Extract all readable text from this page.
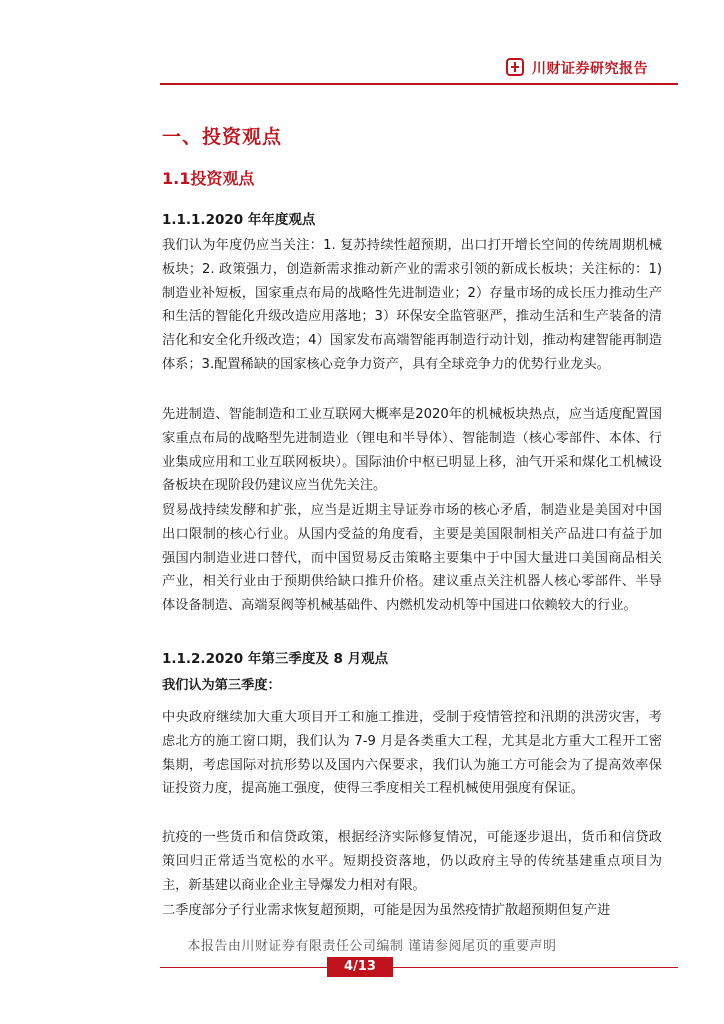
川财证券研究报告
一、投资观点
1.1投资观点
1.1.1.2020 年年度观点

我们认为年度仍应当关注：1. 复苏持续性超预期，出口打开增长空间的传统周期机械板块；2. 政策强力，创造新需求推动新产业的需求引领的新成长板块；关注标的：1)制造业补短板，国家重点布局的战略性先进制造业；2）存量市场的成长压力推动生产和生活的智能化升级改造应用落地；3）环保安全监管驱严，推动生活和生产装备的清洁化和安全化升级改造；4）国家发布高端智能再制造行动计划，推动构建智能再制造体系；3.配置稀缺的国家核心竞争力资产，具有全球竞争力的优势行业龙头。

先进制造、智能制造和工业互联网大概率是2020年的机械板块热点，应当适度配置国家重点布局的战略型先进制造业（锂电和半导体）、智能制造（核心零部件、本体、行业集成应用和工业互联网板块）。国际油价中枢已明显上移，油气开采和煤化工机械设备板块在现阶段仍建议应当优先关注。

贸易战持续发酵和扩张，应当是近期主导证券市场的核心矛盾，制造业是美国对中国出口限制的核心行业。从国内受益的角度看，主要是美国限制相关产品进口有益于加强国内制造业进口替代，而中国贸易反击策略主要集中于中国大量进口美国商品相关产业，相关行业由于预期供给缺口推升价格。建议重点关注机器人核心零部件、半导体设备制造、高端泵阀等机械基础件、内燃机发动机等中国进口依赖较大的行业。

1.1.2.2020 年第三季度及 8 月观点

我们认为第三季度：

中央政府继续加大重大项目开工和施工推进，受制于疫情管控和汛期的洪涝灾害，考虑北方的施工窗口期，我们认为 7-9 月是各类重大工程，尤其是北方重大工程开工密集期，考虑国际对抗形势以及国内六保要求，我们认为施工方可能会为了提高效率保证投资力度，提高施工强度，使得三季度相关工程机械使用强度有保证。

抗疫的一些货币和信贷政策，根据经济实际修复情况，可能逐步退出，货币和信贷政策回归正常适当宽松的水平。短期投资落地，仍以政府主导的传统基建重点项目为主，新基建以商业企业主导爆发力相对有限。

二季度部分子行业需求恢复超预期，可能是因为虽然疫情扩散超预期但复产进

本报告由川财证券有限责任公司编制 谨请参阅尾页的重要声明
4/13
